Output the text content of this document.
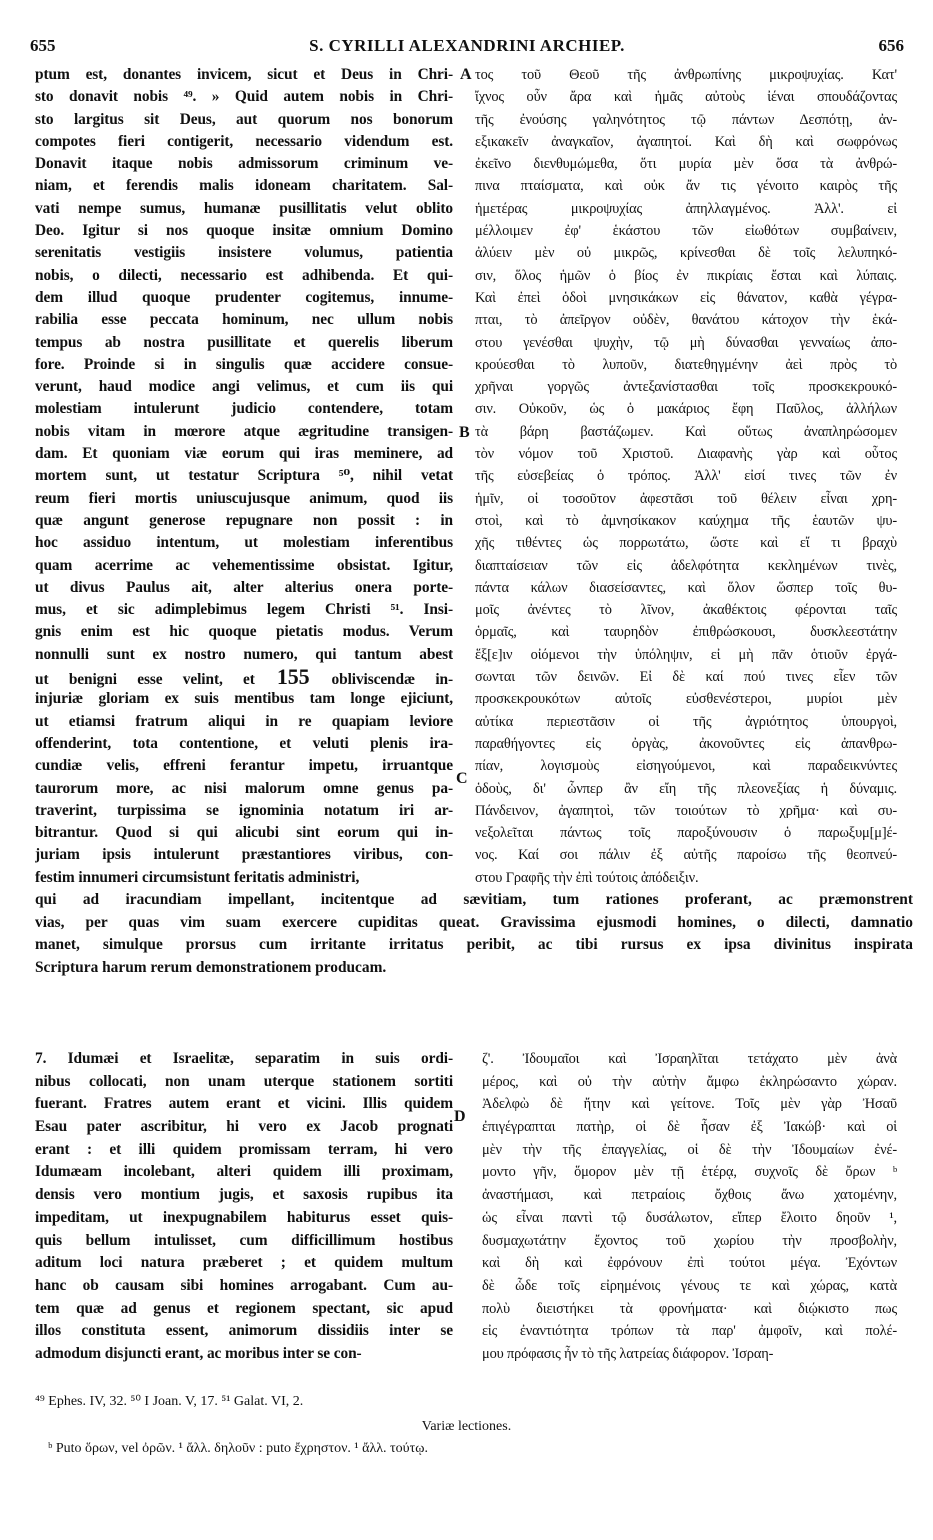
655	S. CYRILLI ALEXANDRINI ARCHIEP.	656
ptum est, donantes invicem, sicut et Deus in Chri-
sto donavit nobis ⁴⁹. » Quid autem nobis in Chri-
sto largitus sit Deus, aut quorum nos bonorum
compotes fieri contigerit, necessario videndum est.
Donavit itaque nobis admissorum criminum ve-
niam, et ferendis malis idoneam charitatem. Sal-
vati nempe sumus, humanæ pusillitatis velut oblito
Deo. Igitur si nos quoque insitæ omnium Domino
serenitatis vestigiis insistere volumus, patientia
nobis, o dilecti, necessario est adhibenda. Et qui-
dem illud quoque prudenter cogitemus, innume-
rabilia esse peccata hominum, nec ullum nobis
tempus ab nostra pusillitate et querelis liberum
fore. Proinde si in singulis quæ accidere consue-
verunt, haud modice angi velimus, et cum iis qui
molestiam intulerunt judicio contendere, totam
nobis vitam in mœrore atque ægritudine transigen-
dam. Et quoniam viæ eorum qui iras meminere, ad
mortem sunt, ut testatur Scriptura ⁵⁰, nihil vetat
reum fieri mortis uniuscujusque animum, quod iis
quæ angunt generose repugnare non possit : in
hoc assiduo intentum, ut molestiam inferentibus
quam acerrime ac vehementissime obsistat. Igitur,
ut divus Paulus ait, alter alterius onera porte-
mus, et sic adimplebimus legem Christi ⁵¹. Insi-
gnis enim est hic quoque pietatis modus. Verum
nonnulli sunt ex nostro numero, qui tantum abest
ut benigni esse velint, et 155 obliviscendæ in-
injuriæ gloriam ex suis mentibus tam longe ejiciunt,
ut etiamsi fratrum aliqui in re quapiam leviore
offenderint, tota contentione, et veluti plenis ira-
cundiæ velis, effreni ferantur impetu, irruantque
taurorum more, ac nisi malorum omne genus pa-
traverint, turpissima se ignominia notatum iri ar-
bitrantur. Quod si qui alicubi sint eorum qui in-
juriam ipsis intulerunt præstantiores viribus, con-
festim innumeri circumsistunt feritatis administri,
τος τοῦ Θεοῦ τῆς ἀνθρωπίνης μικροψυχίας. Κατ'
ἴχνος οὖν ἄρα καὶ ἡμᾶς αὐτοὺς ἰέναι σπουδάζοντας
τῆς ἐνούσης γαληνότητος τῷ πάντων Δεσπότῃ, ἀν-
εξικακεῖν ἀναγκαῖον, ἀγαπητοί. Καὶ δὴ καὶ σωφρόνως
ἐκεῖνο διενθυμώμεθα, ὅτι μυρία μὲν ὅσα τὰ ἀνθρώ-
πινα πταίσματα, καὶ οὐκ ἄν τις γένοιτο καιρὸς τῆς
ἡμετέρας μικροψυχίας ἀπηλλαγμένος. Ἀλλ'. εἰ
μέλλοιμεν ἐφ' ἑκάστου τῶν εἰωθότων συμβαίνειν,
ἀλύειν μὲν οὐ μικρῶς, κρίνεσθαι δὲ τοῖς λελυπηκό-
σιν, ὅλος ἡμῶν ὁ βίος ἐν πικρίαις ἔσται καὶ λύπαις.
Καὶ ἐπεὶ ὁδοὶ μνησικάκων εἰς θάνατον, καθὰ γέγρα-
πται, τὸ ἀπεῖργον οὐδὲν, θανάτου κάτοχον τὴν ἑκά-
στου γενέσθαι ψυχὴν, τῷ μὴ δύνασθαι γενναίως ἀπο-
κρούεσθαι τὸ λυποῦν, διατεθηγμένην ἀεὶ πρὸς τὸ
χρῆναι γοργῶς ἀντεξανίστασθαι τοῖς προσκεκρουκό-
σιν. Οὐκοῦν, ὡς ὁ μακάριος ἔφη Παῦλος, ἀλλήλων
τὰ βάρη βαστάζωμεν. Καὶ οὕτως ἀναπληρώσομεν
τὸν νόμον τοῦ Χριστοῦ. Διαφανὴς γὰρ καὶ οὗτος
τῆς εὐσεβείας ὁ τρόπος. Ἀλλ' εἰσί τινες τῶν ἐν
ἡμῖν, οἱ τοσοῦτον ἀφεστᾶσι τοῦ θέλειν εἶναι χρη-
στοὶ, καὶ τὸ ἀμνησίκακον καύχημα τῆς ἑαυτῶν ψυ-
χῆς τιθέντες ὡς πορρωτάτω, ὥστε καὶ εἴ τι βραχὺ
διαπταίσειαν τῶν εἰς ἀδελφότητα κεκλημένων τινὲς,
πάντα κάλων διασείσαντες, καὶ ὅλον ὥσπερ τοῖς θυ-
μοῖς ἀνέντες τὸ λῖνον, ἀκαθέκτοις φέρονται ταῖς
ὁρμαῖς, καὶ ταυρηδὸν ἐπιθρώσκουσι, δυσκλεεστάτην
ἕξ[ε]ιν οἰόμενοι τὴν ὑπόληψιν, εἰ μὴ πᾶν ὁτιοῦν ἐργά-
σωνται τῶν δεινῶν. Εἰ δὲ καί πού τινες εἶεν τῶν
προσκεκρουκότων αὐτοῖς εὐσθενέστεροι, μυρίοι μὲν
αὐτίκα περιεστᾶσιν οἱ τῆς ἀγριότητος ὑπουργοὶ,
παραθήγοντες εἰς ὀργὰς, ἀκονοῦντες εἰς ἀπανθρω-
πίαν, λογισμοὺς εἰσηγούμενοι, καὶ παραδεικνύντες
ὁδοὺς, δι' ὧνπερ ἂν εἴη τῆς πλεονεξίας ἡ δύναμις.
Πάνδεινον, ἀγαπητοὶ, τῶν τοιούτων τὸ χρῆμα· καὶ συ-
νεξολεῖται πάντως τοῖς παροξύνουσιν ὁ παρωξυμ[μ]έ-
νος. Καί σοι πάλιν ἐξ αὐτῆς παροίσω τῆς θεοπνεύ-
στου Γραφῆς τὴν ἐπὶ τούτοις ἀπόδειξιν.
A
B
C
D
qui ad iracundiam impellant, incitentque ad sævitiam, tum rationes proferant, ac præmonstrent
vias, per quas vim suam exercere cupiditas queat. Gravissima ejusmodi homines, o dilecti, damnatio
manet, simulque prorsus cum irritante irritatus peribit, ac tibi rursus ex ipsa divinitus inspirata
Scriptura harum rerum demonstrationem producam.
7. Idumæi et Israelitæ, separatim in suis ordi-
nibus collocati, non unam uterque stationem sortiti
fuerant. Fratres autem erant et vicini. Illis quidem
Esau pater ascribitur, hi vero ex Jacob prognati
erant : et illi quidem promissam terram, hi vero
Idumæam incolebant, alteri quidem illi proximam,
densis vero montium jugis, et saxosis rupibus ita
impeditam, ut inexpugnabilem habiturus esset quis-
quis bellum intulisset, cum difficillimum hostibus
aditum loci natura præberet ; et quidem multum
hanc ob causam sibi homines arrogabant. Cum au-
tem quæ ad genus et regionem spectant, sic apud
illos constituta essent, animorum dissidiis inter se
admodum disjuncti erant, ac moribus inter se con-
ζ'. Ἰδουμαῖοι καὶ Ἰσραηλῖται τετάχατο μὲν ἀνὰ
μέρος, καὶ οὐ τὴν αὐτὴν ἄμφω ἐκληρώσαντο χώραν.
Ἀδελφὼ δὲ ἤτην καὶ γείτονε. Τοῖς μὲν γὰρ Ἠσαῦ
ἐπιγέγραπται πατὴρ, οἱ δὲ ἦσαν ἐξ Ἰακώβ· καὶ οἱ
μὲν τὴν τῆς ἐπαγγελίας, οἱ δὲ τὴν Ἰδουμαίων ἐνέ-
μοντο γῆν, ὅμορον μὲν τῇ ἑτέρᾳ, συχνοῖς δὲ ὄρων ᵇ
ἀναστήμασι, καὶ πετραίοις ὄχθοις ἄνω χατομένην,
ὡς εἶναι παντὶ τῷ δυσάλωτον, εἴπερ ἔλοιτο δηοῦν ¹,
δυσμαχωτάτην ἔχοντος τοῦ χωρίου τὴν προσβολὴν,
καὶ δὴ καὶ ἐφρόνουν ἐπὶ τούτοι μέγα. Ἐχόντων
δὲ ὧδε τοῖς εἰρημένοις γένους τε καὶ χώρας, κατὰ
πολὺ διειστήκει τὰ φρονήματα· καὶ διῴκιστο πως
εἰς ἐναντιότητα τρόπων τὰ παρ' ἀμφοῖν, καὶ πολέ-
μου πρόφασις ἦν τὸ τῆς λατρείας διάφορον. Ἰσραη-
⁴⁹ Ephes. IV, 32. ⁵⁰ I Joan. V, 17. ⁵¹ Galat. VI, 2.
Variæ lectiones.
ᵇ Puto ὅρων, vel ὀρῶν. ¹ ἄλλ. δηλοῦν : puto ἔχρηστον. ¹ ἄλλ. τούτῳ.
